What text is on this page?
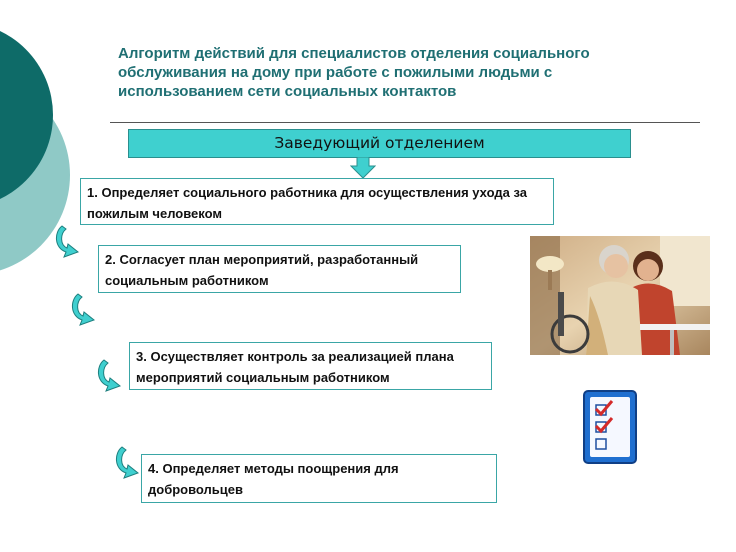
Алгоритм действий для специалистов отделения социального обслуживания на дому при работе с пожилыми людьми с использованием сети социальных контактов
Заведующий отделением
1. Определяет социального работника для осуществления ухода за пожилым человеком
2. Согласует план мероприятий, разработанный социальным работником
3. Осуществляет контроль за реализацией плана мероприятий социальным работником
4. Определяет методы поощрения для добровольцев
